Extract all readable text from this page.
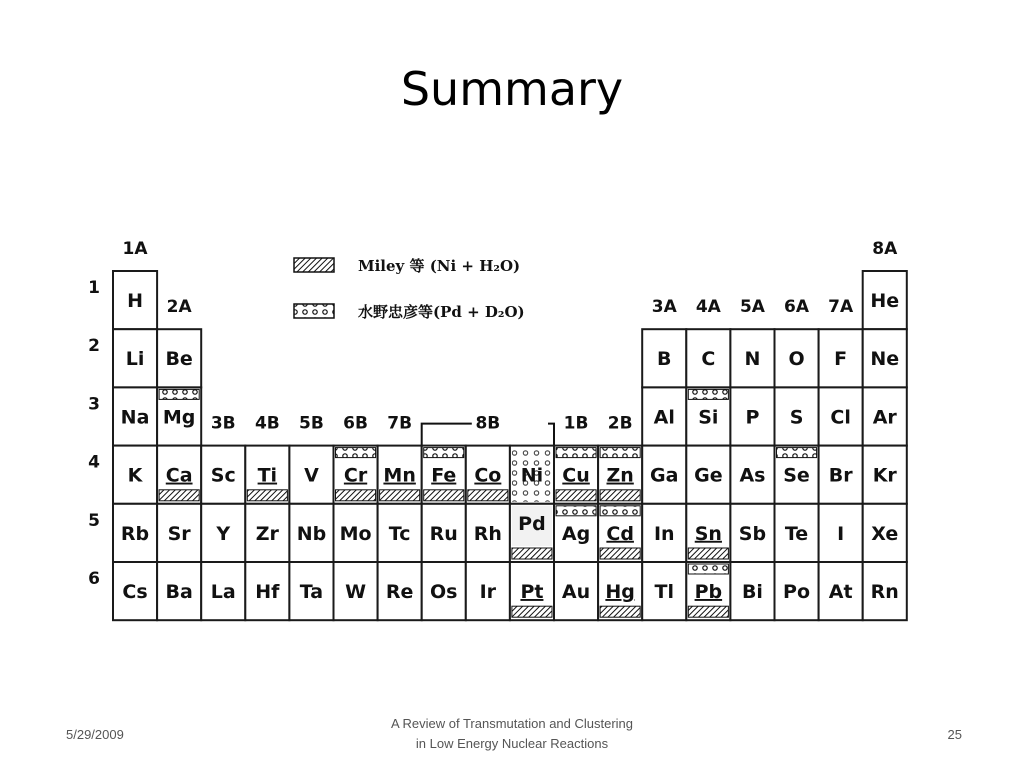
Summary
Miley 等 (Ni + H₂O)
水野忠彦等(Pd + D₂O)
1
2
3
4
5
6
1A
2A
3B 4B 5B 6B 7B	8B	1B 2B
3A 4A 5A 6A 7A
8A
H	He
Li Be	B C N O F Ne
Na Mg	Al Si P S Cl Ar
K Ca Sc Ti V Cr Mn Fe Co Ni Cu Zn Ga Ge As Se Br Kr
Rb Sr Y Zr Nb Mo Tc Ru Rh Pd Ag Cd In Sn Sb Te I Xe
Cs Ba La Hf Ta W Re Os Ir Pt Au Hg Tl Pb Bi Po At Rn
5/29/2009
A Review of Transmutation and Clustering
in Low Energy Nuclear Reactions
25
